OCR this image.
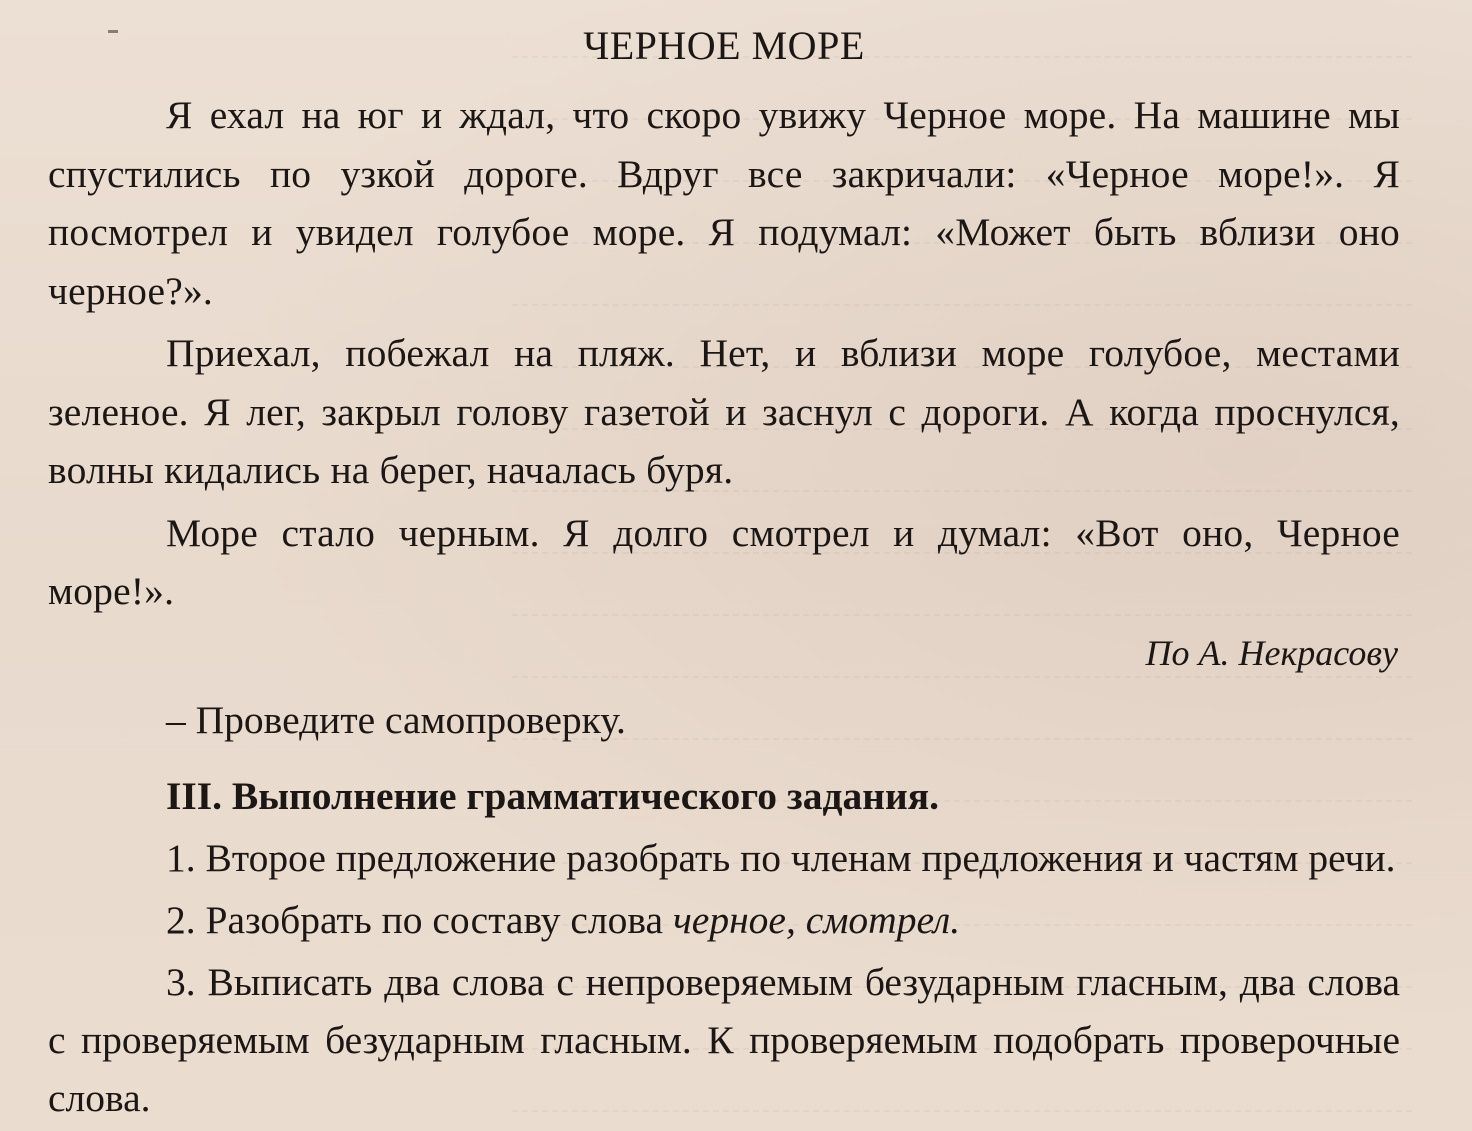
ЧЕРНОЕ МОРЕ

Я ехал на юг и ждал, что скоро увижу Черное море. На машине мы спустились по узкой дороге. Вдруг все закричали: «Черное море!». Я посмотрел и увидел голубое море. Я подумал: «Может быть вблизи оно черное?».

Приехал, побежал на пляж. Нет, и вблизи море голубое, местами зеленое. Я лег, закрыл голову газетой и заснул с дороги. А когда проснулся, волны кидались на берег, началась буря.

Море стало черным. Я долго смотрел и думал: «Вот оно, Черное море!».

По А. Некрасову

– Проведите самопроверку.

III. Выполнение грамматического задания.

1. Второе предложение разобрать по членам предложения и частям речи.

2. Разобрать по составу слова черное, смотрел.

3. Выписать два слова с непроверяемым безударным гласным, два слова с проверяемым безударным гласным. К проверяемым подобрать проверочные слова.
